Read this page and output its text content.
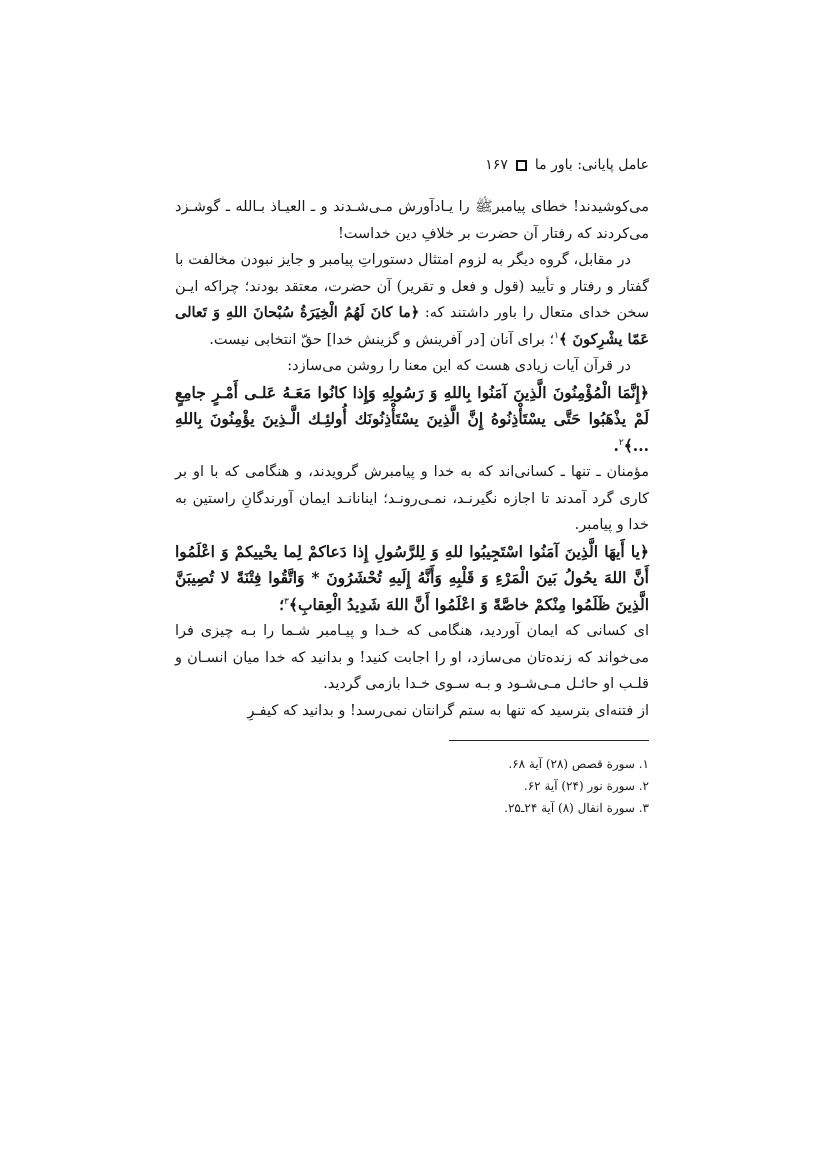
عامل پایانی: باور ما
۱۶۷

می‌کوشیدند! خطای پیامبرﷺ را یـادآورش مـی‌شـدند و ـ العیـاذ بـالله ـ گوشـزد می‌کردند که رفتار آن حضرت بر خلافِ دین خداست!

در مقابل، گروه دیگر به لزوم امتثال دستوراتِ پیامبر و جایز نبودن مخالفت با گفتار و رفتار و تأیید (قول و فعل و تقریر) آن حضرت، معتقد بودند؛ چراکه ایـن سخن خدای متعال را باور داشتند که: ﴿ما كانَ لَهُمُ الْخِيَرَةُ سُبْحانَ اللهِ وَ تَعالى عَمّا يشْرِكونَ ﴾$^۱$؛ برای آنان [در آفرینش و گزینش خدا] حقّ انتخابی نیست.

در قرآن آیات زیادی هست که این معنا را روشن می‌سازد:

﴿إِنَّمَا الْمُؤْمِنُونَ الَّذِينَ آمَنُوا بِاللهِ وَ رَسُولِهِ وَإِذا كانُوا مَعَـهُ عَلـى أَمْـرٍ جامِعٍ لَمْ يذْهَبُوا حَتَّى يسْتَأْذِنُوهُ إِنَّ الَّذِينَ يسْتَأْذِنُونَك أُولئِـك الَّـذِينَ يؤْمِنُونَ بِاللهِ ...﴾$^۲$.

مؤمنان ـ تنها ـ کسانی‌اند که به خدا و پیامبرش گرویدند، و هنگامی که با او بر کاری گرد آمدند تا اجازه نگیرنـد، نمـی‌رونـد؛ اینانانـد ایمان آورندگانِ راستین به خدا و پیامبر.

﴿يا أَيهَا الَّذِينَ آمَنُوا اسْتَجِيبُوا للهِ وَ لِلرَّسُولِ إِذا دَعاكمْ لِما يحْييكمْ وَ اعْلَمُوا أَنَّ اللهَ يحُولُ بَينَ الْمَرْءِ وَ قَلْبِهِ وَأَنَّهُ إِلَيهِ تُحْشَرُونَ * وَاتَّقُوا فِتْنَةً لا تُصِيبَنَّ الَّذِينَ ظَلَمُوا مِنْكمْ خاصَّةً وَ اعْلَمُوا أَنَّ اللهَ شَدِيدُ الْعِقابِ﴾$^۳$؛

ای کسانی که ایمان آوردید، هنگامی که خـدا و پیـامبر شـما را بـه چیزی فرا می‌خواند که زنده‌تان می‌سازد، او را اجابت کنید! و بدانید که خدا میان انسـان و قلـب او حائـل مـی‌شـود و بـه سـوی خـدا بازمی گردید.

از فتنه‌ای بترسید که تنها به ستم گرانتان نمی‌رسد! و بدانید که کیفـرِ

۱. سورة قصص (۲۸) آية ۶۸.

۲. سورة نور (۲۴) آية ۶۲.

۳. سورة انفال (۸) آية ۲۴ـ۲۵.
